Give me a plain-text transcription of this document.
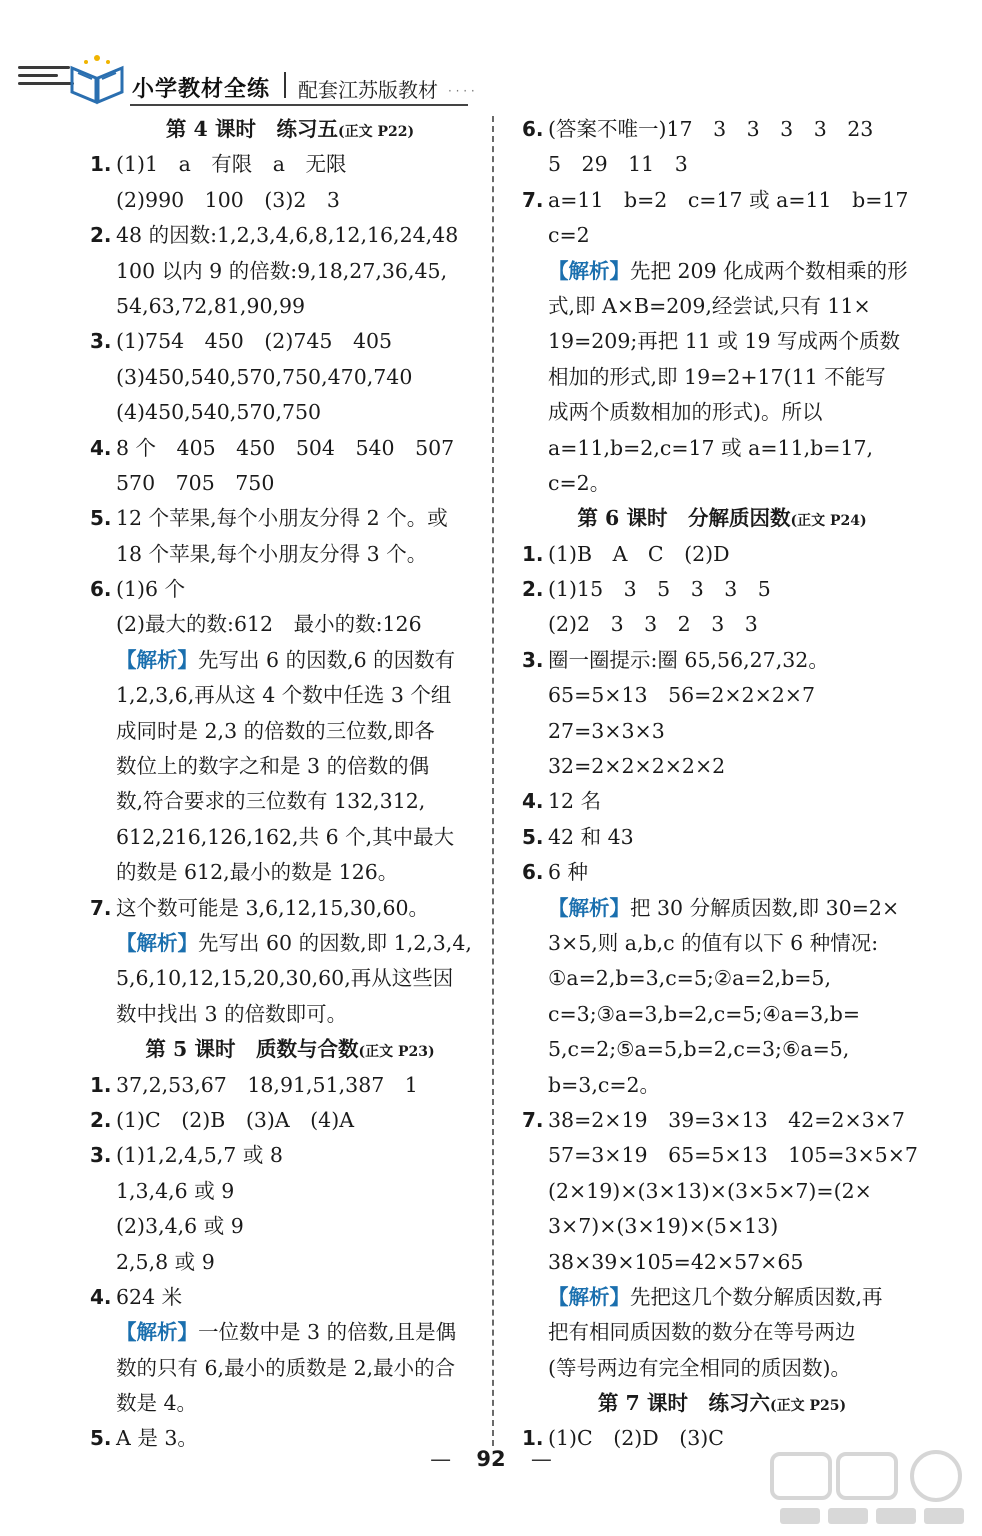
小学教材全练 配套江苏版教材 · · · ·
第 4 课时　练习五(正文 P22)
1. (1)1　a　有限　a　无限
(2)990　100　(3)2　3
2. 48 的因数:1,2,3,4,6,8,12,16,24,48
100 以内 9 的倍数:9,18,27,36,45,
54,63,72,81,90,99
3. (1)754　450　(2)745　405
(3)450,540,570,750,470,740
(4)450,540,570,750
4. 8 个　405　450　504　540　507
570　705　750
5. 12 个苹果,每个小朋友分得 2 个。或
18 个苹果,每个小朋友分得 3 个。
6. (1)6 个
(2)最大的数:612　最小的数:126
【解析】先写出 6 的因数,6 的因数有
1,2,3,6,再从这 4 个数中任选 3 个组
成同时是 2,3 的倍数的三位数,即各
数位上的数字之和是 3 的倍数的偶
数,符合要求的三位数有 132,312,
612,216,126,162,共 6 个,其中最大
的数是 612,最小的数是 126。
7. 这个数可能是 3,6,12,15,30,60。
【解析】先写出 60 的因数,即 1,2,3,4,
5,6,10,12,15,20,30,60,再从这些因
数中找出 3 的倍数即可。
第 5 课时　质数与合数(正文 P23)
1. 37,2,53,67　18,91,51,387　1
2. (1)C　(2)B　(3)A　(4)A
3. (1)1,2,4,5,7 或 8
1,3,4,6 或 9
(2)3,4,6 或 9
2,5,8 或 9
4. 624 米
【解析】一位数中是 3 的倍数,且是偶
数的只有 6,最小的质数是 2,最小的合
数是 4。
5. A 是 3。
6. (答案不唯一)17　3　3　3　3　23
5　29　11　3
7. a=11　b=2　c=17 或 a=11　b=17
c=2
【解析】先把 209 化成两个数相乘的形
式,即 A×B=209,经尝试,只有 11×
19=209;再把 11 或 19 写成两个质数
相加的形式,即 19=2+17(11 不能写
成两个质数相加的形式)。所以
a=11,b=2,c=17 或 a=11,b=17,
c=2。
第 6 课时　分解质因数(正文 P24)
1. (1)B　A　C　(2)D
2. (1)15　3　5　3　3　5
(2)2　3　3　2　3　3
3. 圈一圈提示:圈 65,56,27,32。
65=5×13　56=2×2×2×7
27=3×3×3
32=2×2×2×2×2
4. 12 名
5. 42 和 43
6. 6 种
【解析】把 30 分解质因数,即 30=2×
3×5,则 a,b,c 的值有以下 6 种情况:
①a=2,b=3,c=5;②a=2,b=5,
c=3;③a=3,b=2,c=5;④a=3,b=
5,c=2;⑤a=5,b=2,c=3;⑥a=5,
b=3,c=2。
7. 38=2×19　39=3×13　42=2×3×7
57=3×19　65=5×13　105=3×5×7
(2×19)×(3×13)×(3×5×7)=(2×
3×7)×(3×19)×(5×13)
38×39×105=42×57×65
【解析】先把这几个数分解质因数,再
把有相同质因数的数分在等号两边
(等号两边有完全相同的质因数)。
第 7 课时　练习六(正文 P25)
1. (1)C　(2)D　(3)C
— 92 —
